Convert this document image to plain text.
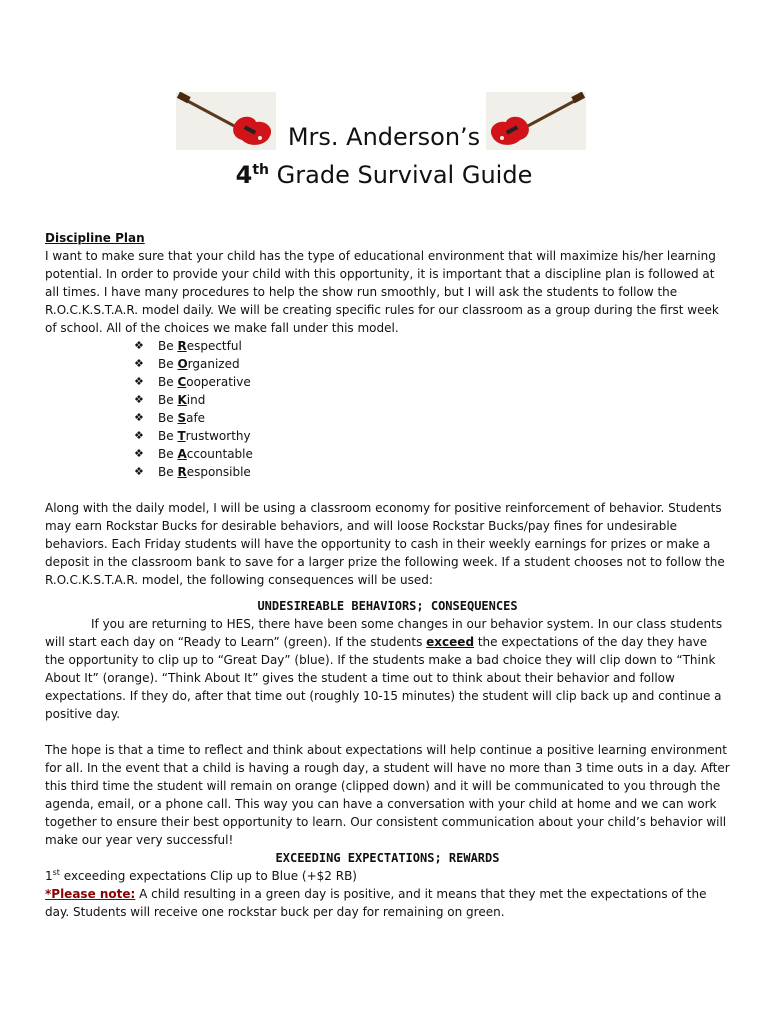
Mrs. Anderson’s
4th Grade Survival Guide

Discipline Plan

I want to make sure that your child has the type of educational environment that will maximize his/her learning potential. In order to provide your child with this opportunity, it is important that a discipline plan is followed at all times. I have many procedures to help the show run smoothly, but I will ask the students to follow the R.O.C.K.S.T.A.R. model daily. We will be creating specific rules for our classroom as a group during the first week of school. All of the choices we make fall under this model.

❖ Be Respectful
❖ Be Organized
❖ Be Cooperative
❖ Be Kind
❖ Be Safe
❖ Be Trustworthy
❖ Be Accountable
❖ Be Responsible

Along with the daily model, I will be using a classroom economy for positive reinforcement of behavior. Students may earn Rockstar Bucks for desirable behaviors, and will loose Rockstar Bucks/pay fines for undesirable behaviors. Each Friday students will have the opportunity to cash in their weekly earnings for prizes or make a deposit in the classroom bank to save for a larger prize the following week. If a student chooses not to follow the R.O.C.K.S.T.A.R. model, the following consequences will be used:

UNDESIREABLE BEHAVIORS; CONSEQUENCES

If you are returning to HES, there have been some changes in our behavior system. In our class students will start each day on “Ready to Learn” (green). If the students exceed the expectations of the day they have the opportunity to clip up to “Great Day” (blue). If the students make a bad choice they will clip down to “Think About It” (orange). “Think About It” gives the student a time out to think about their behavior and follow expectations. If they do, after that time out (roughly 10-15 minutes) the student will clip back up and continue a positive day.

The hope is that a time to reflect and think about expectations will help continue a positive learning environment for all. In the event that a child is having a rough day, a student will have no more than 3 time outs in a day. After this third time the student will remain on orange (clipped down) and it will be communicated to you through the agenda, email, or a phone call. This way you can have a conversation with your child at home and we can work together to ensure their best opportunity to learn. Our consistent communication about your child’s behavior will make our year very successful!

EXCEEDING EXPECTATIONS; REWARDS

1st exceeding expectations Clip up to Blue (+$2 RB)

*Please note: A child resulting in a green day is positive, and it means that they met the expectations of the day. Students will receive one rockstar buck per day for remaining on green.
